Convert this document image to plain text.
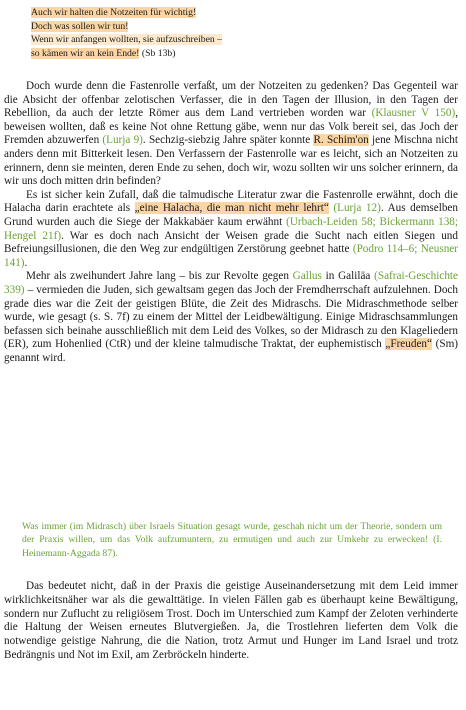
Auch wir halten die Notzeiten für wichtig!
Doch was sollen wir tun!
Wenn wir anfangen wollten, sie aufzuschreiben –
so kämen wir an kein Ende! (Sb 13b)

Doch wurde denn die Fastenrolle verfaßt, um der Notzeiten zu gedenken? Das Gegenteil war die Absicht der offenbar zelotischen Verfasser, die in den Tagen der Illusion, in den Tagen der Rebellion, da auch der letzte Römer aus dem Land vertrieben worden war (Klausner V 150), beweisen wollten, daß es keine Not ohne Rettung gäbe, wenn nur das Volk bereit sei, das Joch der Fremden abzuwerfen (Lurja 9). Sechzig-siebzig Jahre später konnte R. Schim'on jene Mischna nicht anders denn mit Bitterkeit lesen. Den Verfassern der Fastenrolle war es leicht, sich an Notzeiten zu erinnern, denn sie meinten, deren Ende zu sehen, doch wir, wozu sollten wir uns solcher erinnern, da wir uns doch mitten drin befinden?

Es ist sicher kein Zufall, daß die talmudische Literatur zwar die Fastenrolle erwähnt, doch die Halacha darin erachtete als „eine Halacha, die man nicht mehr lehrt“ (Lurja 12). Aus demselben Grund wurden auch die Siege der Makkabäer kaum erwähnt (Urbach-Leiden 58; Bickermann 138; Hengel 21f). War es doch nach Ansicht der Weisen grade die Sucht nach eitlen Siegen und Befreiungsillusionen, die den Weg zur endgültigen Zerstörung geebnet hatte (Podro 114–6; Neusner 141).

Mehr als zweihundert Jahre lang – bis zur Revolte gegen Gallus in Galiläa (Safrai-Geschichte 339) – vermieden die Juden, sich gewaltsam gegen das Joch der Fremdherrschaft aufzulehnen. Doch grade dies war die Zeit der geistigen Blüte, die Zeit des Midraschs. Die Midraschmethode selber wurde, wie gesagt (s. S. 7f) zu einem der Mittel der Leidbewältigung. Einige Midraschsammlungen befassen sich beinahe ausschließlich mit dem Leid des Volkes, so der Midrasch zu den Klageliedern (ER), zum Hohenlied (CtR) und der kleine talmudische Traktat, der euphemistisch „Freuden“ (Sm) genannt wird.

Was immer (im Midrasch) über Israels Situation gesagt wurde, geschah nicht um der Theorie, sondern um der Praxis willen, um das Volk aufzumuntern, zu ermutigen und auch zur Umkehr zu erwecken! (I. Heinemann-Aggada 87).

Das bedeutet nicht, daß in der Praxis die geistige Auseinandersetzung mit dem Leid immer wirklichkeitsnäher war als die gewalttätige. In vielen Fällen gab es überhaupt keine Bewältigung, sondern nur Zuflucht zu religiösem Trost. Doch im Unterschied zum Kampf der Zeloten verhinderte die Haltung der Weisen erneutes Blutvergießen. Ja, die Trostlehren lieferten dem Volk die notwendige geistige Nahrung, die die Nation, trotz Armut und Hunger im Land Israel und trotz Bedrängnis und Not im Exil, am Zerbröckeln hinderte.
